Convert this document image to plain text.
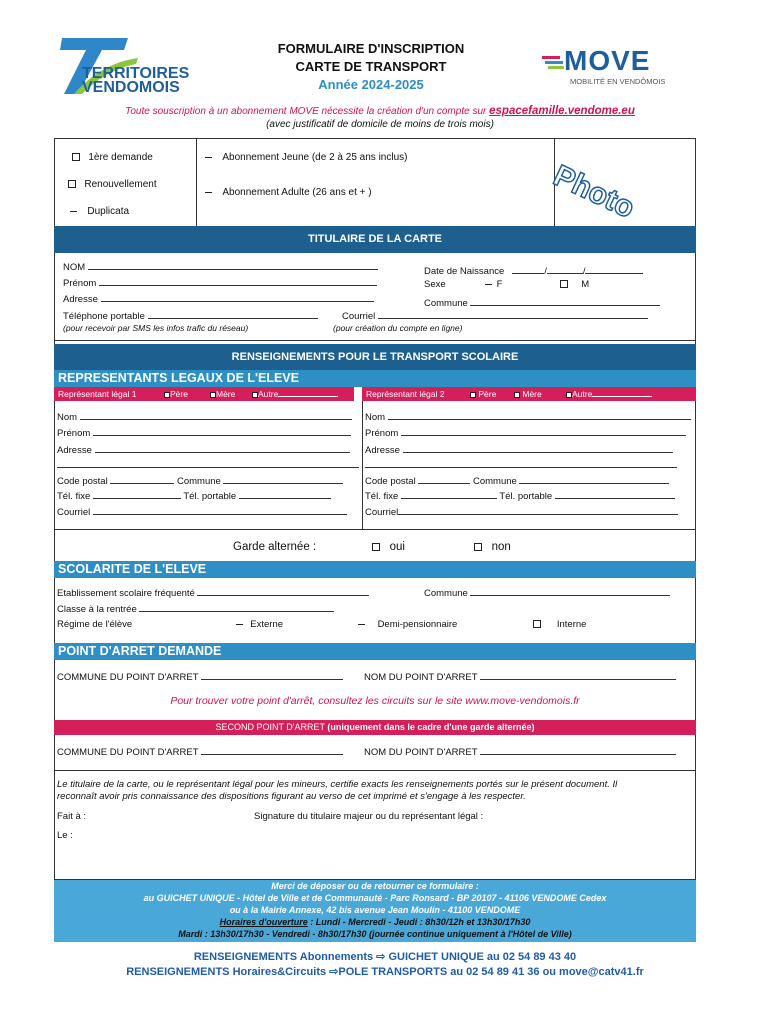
TERRITOIRES
VENDOMOIS
FORMULAIRE D'INSCRIPTION
CARTE DE TRANSPORT
Année 2024-2025
MOVE
MOBILITÉ EN VENDÔMOIS
Toute souscription à un abonnement MOVE nécessite la création d'un compte sur espacefamille.vendome.eu
(avec justificatif de domicile de moins de trois mois)
1ère demande
Renouvellement
Duplicata
Abonnement Jeune (de 2 à 25 ans inclus)
Abonnement Adulte (26 ans et + )	Photo
TITULAIRE DE LA CARTE
NOM
Prénom
Adresse
Téléphone portable
(pour recevoir par SMS les infos trafic du réseau)
Date de Naissance	/	/
Sexe	F	M
Commune
Courriel
(pour création du compte en ligne)
RENSEIGNEMENTS POUR LE TRANSPORT SCOLAIRE
REPRESENTANTS LEGAUX DE L'ELEVE
Représentant légal 1	Père	Mère	Autre	Représentant légal 2	Père	Mère	Autre
Nom
Prénom
Adresse
Code postal	Commune
Tél. fixe	Tél. portable
Courriel
Nom
Prénom
Adresse
Code postal	Commune
Tél. fixe	Tél. portable
Courriel
Garde alternée :	oui	non
SCOLARITE DE L'ELEVE
Etablissement scolaire fréquenté	Commune
Classe à la rentrée
Régime de l'élève	Externe	Demi-pensionnaire	Interne
POINT D'ARRET DEMANDE
COMMUNE DU POINT D'ARRET	NOM DU POINT D'ARRET
Pour trouver votre point d'arrêt, consultez les circuits sur le site www.move-vendomois.fr
SECOND POINT D'ARRET (uniquement dans le cadre d'une garde alternée)
COMMUNE DU POINT D'ARRET	NOM DU POINT D'ARRET
Le titulaire de la carte, ou le représentant légal pour les mineurs, certifie exacts les renseignements portés sur le présent document. Il
reconnaît avoir pris connaissance des dispositions figurant au verso de cet imprimé et s'engage à les respecter.
Fait à :	Signature du titulaire majeur ou du représentant légal :
Le :
Merci de déposer ou de retourner ce formulaire :
au GUICHET UNIQUE - Hôtel de Ville et de Communauté - Parc Ronsard - BP 20107 - 41106 VENDOME Cedex
ou à la Mairie Annexe, 42 bis avenue Jean Moulin - 41100 VENDOME
Horaires d'ouverture : Lundi - Mercredi - Jeudi : 8h30/12h et 13h30/17h30
Mardi : 13h30/17h30 - Vendredi - 8h30/17h30 (journée continue uniquement à l'Hôtel de Ville)
RENSEIGNEMENTS Abonnements ⇨ GUICHET UNIQUE au 02 54 89 43 40
RENSEIGNEMENTS Horaires&Circuits ⇨POLE TRANSPORTS au 02 54 89 41 36 ou move@catv41.fr
